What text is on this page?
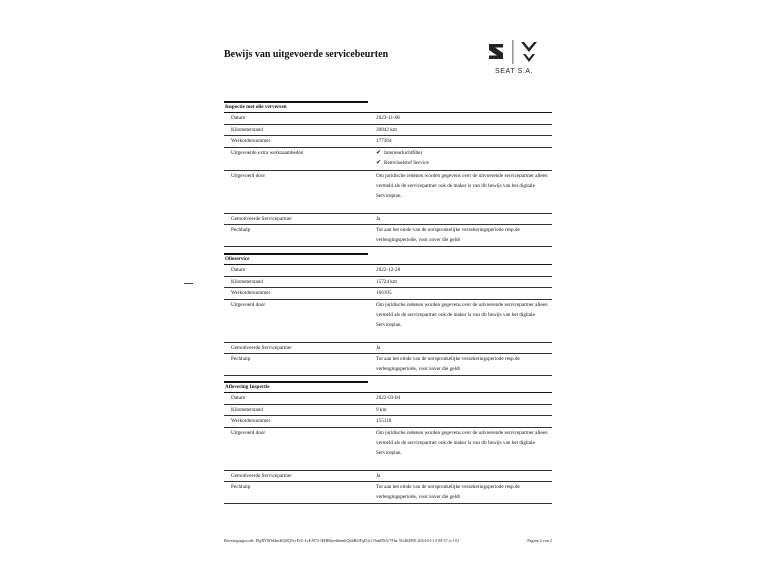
Bewijs van uitgevoerde servicebeurten
SEAT S.A.
Inspectie met olie verversen
Datum	2023-11-06
Kilometerstand	30842 km
Werkordernummer	177364
Uitgevoerde extra werkzaamheden	✔ Interieurluchtfilter
✔ Remvloeistof Service
Uitgevoerd door	Om juridische redenen worden gegevens over de uitvoerende servicepartner alleen vermeld als de servicepartner ook de maker is van dit bewijs van het digitale Serviceplan.
Gemotiveerde Servicepartner	Ja
Pechhulp	Tot aan het einde van de oorspronkelijke verzekeringsperiode resp.de verlengingsperiode, voor zover die geldt
Olieservice
Datum	2022-12-28
Kilometerstand	15724 km
Werkordernummer	166105
Uitgevoerd door	Om juridische redenen worden gegevens over de uitvoerende servicepartner alleen vermeld als de servicepartner ook de maker is van dit bewijs van het digitale Serviceplan.
Gemotiveerde Servicepartner	Ja
Pechhulp	Tot aan het einde van de oorspronkelijke verzekeringsperiode resp.de verlengingsperiode, voor zover die geldt
Aflevering Inspectie
Datum	2022-03-04
Kilometerstand	9 km
Werkordernummer	155118
Uitgevoerd door	Om juridische redenen worden gegevens over de uitvoerende servicepartner alleen vermeld als de servicepartner ook de maker is van dit bewijs van het digitale Serviceplan.
Gemotiveerde Servicepartner	Ja
Pechhulp	Tot aan het einde van de oorspronkelijke verzekeringsperiode resp.de verlengingsperiode, voor zover die geldt
Bevestigingscode: FkjRY8Od4mKQ8Q5t-rFrU-LrFJ973-lEHRbyehbnnkQ6hBOFqD1(v76mFBA/7Fhz 5G404990 2024-01-14 09:37 (v1.0)	Pagina 2 van 2
